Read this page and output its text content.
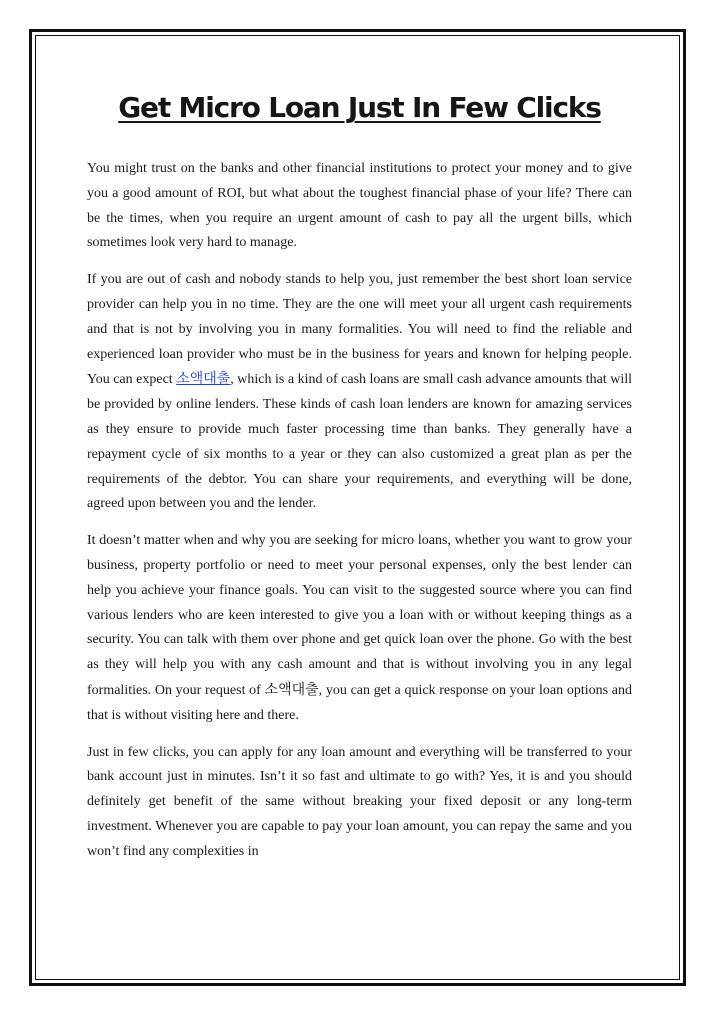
Get Micro Loan Just In Few Clicks

You might trust on the banks and other financial institutions to protect your money and to give you a good amount of ROI, but what about the toughest financial phase of your life? There can be the times, when you require an urgent amount of cash to pay all the urgent bills, which sometimes look very hard to manage.

If you are out of cash and nobody stands to help you, just remember the best short loan service provider can help you in no time. They are the one will meet your all urgent cash requirements and that is not by involving you in many formalities. You will need to find the reliable and experienced loan provider who must be in the business for years and known for helping people. You can expect 소액대출, which is a kind of cash loans are small cash advance amounts that will be provided by online lenders. These kinds of cash loan lenders are known for amazing services as they ensure to provide much faster processing time than banks. They generally have a repayment cycle of six months to a year or they can also customized a great plan as per the requirements of the debtor. You can share your requirements, and everything will be done, agreed upon between you and the lender.

It doesn’t matter when and why you are seeking for micro loans, whether you want to grow your business, property portfolio or need to meet your personal expenses, only the best lender can help you achieve your finance goals. You can visit to the suggested source where you can find various lenders who are keen interested to give you a loan with or without keeping things as a security. You can talk with them over phone and get quick loan over the phone. Go with the best as they will help you with any cash amount and that is without involving you in any legal formalities. On your request of 소액대출, you can get a quick response on your loan options and that is without visiting here and there.

Just in few clicks, you can apply for any loan amount and everything will be transferred to your bank account just in minutes. Isn’t it so fast and ultimate to go with? Yes, it is and you should definitely get benefit of the same without breaking your fixed deposit or any long-term investment. Whenever you are capable to pay your loan amount, you can repay the same and you won’t find any complexities in
